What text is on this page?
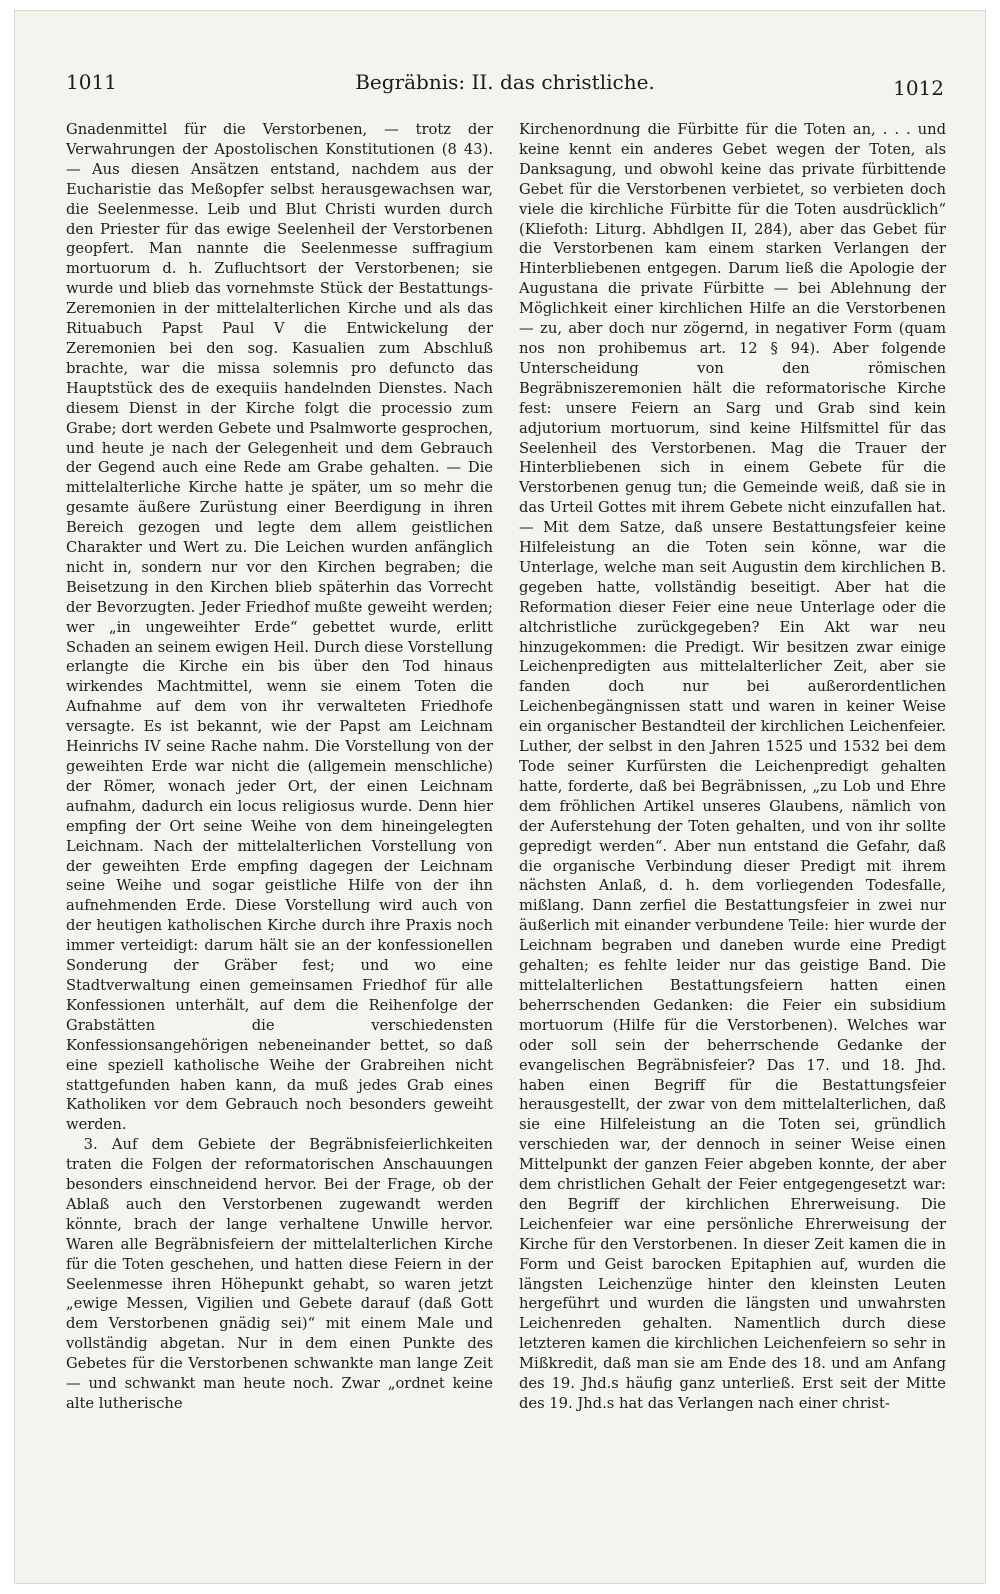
1011	Begräbnis: II. das christliche.	1012

Gnadenmittel für die Verstorbenen, — trotz der Verwahrungen der Apostolischen Konstitutionen (8 43). — Aus diesen Ansätzen entstand, nachdem aus der Eucharistie das Meßopfer selbst herausgewachsen war, die Seelenmesse. Leib und Blut Christi wurden durch den Priester für das ewige Seelenheil der Verstorbenen geopfert. Man nannte die Seelenmesse suffragium mortuorum d. h. Zufluchtsort der Verstorbenen; sie wurde und blieb das vornehmste Stück der Bestattungs-Zeremonien in der mittelalterlichen Kirche und als das Rituabuch Papst Paul V die Entwickelung der Zeremonien bei den sog. Kasualien zum Abschluß brachte, war die missa solemnis pro defuncto das Hauptstück des de exequiis handelnden Dienstes. Nach diesem Dienst in der Kirche folgt die processio zum Grabe; dort werden Gebete und Psalmworte gesprochen, und heute je nach der Gelegenheit und dem Gebrauch der Gegend auch eine Rede am Grabe gehalten. — Die mittelalterliche Kirche hatte je später, um so mehr die gesamte äußere Zurüstung einer Beerdigung in ihren Bereich gezogen und legte dem allem geistlichen Charakter und Wert zu. Die Leichen wurden anfänglich nicht in, sondern nur vor den Kirchen begraben; die Beisetzung in den Kirchen blieb späterhin das Vorrecht der Bevorzugten. Jeder Friedhof mußte geweiht werden; wer „in ungeweihter Erde“ gebettet wurde, erlitt Schaden an seinem ewigen Heil. Durch diese Vorstellung erlangte die Kirche ein bis über den Tod hinaus wirkendes Machtmittel, wenn sie einem Toten die Aufnahme auf dem von ihr verwalteten Friedhofe versagte. Es ist bekannt, wie der Papst am Leichnam Heinrichs IV seine Rache nahm. Die Vorstellung von der geweihten Erde war nicht die (allgemein menschliche) der Römer, wonach jeder Ort, der einen Leichnam aufnahm, dadurch ein locus religiosus wurde. Denn hier empfing der Ort seine Weihe von dem hineingelegten Leichnam. Nach der mittelalterlichen Vorstellung von der geweihten Erde empfing dagegen der Leichnam seine Weihe und sogar geistliche Hilfe von der ihn aufnehmenden Erde. Diese Vorstellung wird auch von der heutigen katholischen Kirche durch ihre Praxis noch immer verteidigt: darum hält sie an der konfessionellen Sonderung der Gräber fest; und wo eine Stadtverwaltung einen gemeinsamen Friedhof für alle Konfessionen unterhält, auf dem die Reihenfolge der Grabstätten die verschiedensten Konfessionsangehörigen nebeneinander bettet, so daß eine speziell katholische Weihe der Grabreihen nicht stattgefunden haben kann, da muß jedes Grab eines Katholiken vor dem Gebrauch noch besonders geweiht werden.

3. Auf dem Gebiete der Begräbnisfeierlichkeiten traten die Folgen der reformatorischen Anschauungen besonders einschneidend hervor. Bei der Frage, ob der Ablaß auch den Verstorbenen zugewandt werden könnte, brach der lange verhaltene Unwille hervor. Waren alle Begräbnisfeiern der mittelalterlichen Kirche für die Toten geschehen, und hatten diese Feiern in der Seelenmesse ihren Höhepunkt gehabt, so waren jetzt „ewige Messen, Vigilien und Gebete darauf (daß Gott dem Verstorbenen gnädig sei)“ mit einem Male und vollständig abgetan. Nur in dem einen Punkte des Gebetes für die Verstorbenen schwankte man lange Zeit — und schwankt man heute noch. Zwar „ordnet keine alte lutherische

Kirchenordnung die Fürbitte für die Toten an, . . . und keine kennt ein anderes Gebet wegen der Toten, als Danksagung, und obwohl keine das private fürbittende Gebet für die Verstorbenen verbietet, so verbieten doch viele die kirchliche Fürbitte für die Toten ausdrücklich“ (Kliefoth: Liturg. Abhdlgen II, 284), aber das Gebet für die Verstorbenen kam einem starken Verlangen der Hinterbliebenen entgegen. Darum ließ die Apologie der Augustana die private Fürbitte — bei Ablehnung der Möglichkeit einer kirchlichen Hilfe an die Verstorbenen — zu, aber doch nur zögernd, in negativer Form (quam nos non prohibemus art. 12 § 94). Aber folgende Unterscheidung von den römischen Begräbniszeremonien hält die reformatorische Kirche fest: unsere Feiern an Sarg und Grab sind kein adjutorium mortuorum, sind keine Hilfsmittel für das Seelenheil des Verstorbenen. Mag die Trauer der Hinterbliebenen sich in einem Gebete für die Verstorbenen genug tun; die Gemeinde weiß, daß sie in das Urteil Gottes mit ihrem Gebete nicht einzufallen hat. — Mit dem Satze, daß unsere Bestattungsfeier keine Hilfeleistung an die Toten sein könne, war die Unterlage, welche man seit Augustin dem kirchlichen B. gegeben hatte, vollständig beseitigt. Aber hat die Reformation dieser Feier eine neue Unterlage oder die altchristliche zurückgegeben? Ein Akt war neu hinzugekommen: die Predigt. Wir besitzen zwar einige Leichenpredigten aus mittelalterlicher Zeit, aber sie fanden doch nur bei außerordentlichen Leichenbegängnissen statt und waren in keiner Weise ein organischer Bestandteil der kirchlichen Leichenfeier. Luther, der selbst in den Jahren 1525 und 1532 bei dem Tode seiner Kurfürsten die Leichenpredigt gehalten hatte, forderte, daß bei Begräbnissen, „zu Lob und Ehre dem fröhlichen Artikel unseres Glaubens, nämlich von der Auferstehung der Toten gehalten, und von ihr sollte gepredigt werden“. Aber nun entstand die Gefahr, daß die organische Verbindung dieser Predigt mit ihrem nächsten Anlaß, d. h. dem vorliegenden Todesfalle, mißlang. Dann zerfiel die Bestattungsfeier in zwei nur äußerlich mit einander verbundene Teile: hier wurde der Leichnam begraben und daneben wurde eine Predigt gehalten; es fehlte leider nur das geistige Band. Die mittelalterlichen Bestattungsfeiern hatten einen beherrschenden Gedanken: die Feier ein subsidium mortuorum (Hilfe für die Verstorbenen). Welches war oder soll sein der beherrschende Gedanke der evangelischen Begräbnisfeier? Das 17. und 18. Jhd. haben einen Begriff für die Bestattungsfeier herausgestellt, der zwar von dem mittelalterlichen, daß sie eine Hilfeleistung an die Toten sei, gründlich verschieden war, der dennoch in seiner Weise einen Mittelpunkt der ganzen Feier abgeben konnte, der aber dem christlichen Gehalt der Feier entgegengesetzt war: den Begriff der kirchlichen Ehrerweisung. Die Leichenfeier war eine persönliche Ehrerweisung der Kirche für den Verstorbenen. In dieser Zeit kamen die in Form und Geist barocken Epitaphien auf, wurden die längsten Leichenzüge hinter den kleinsten Leuten hergeführt und wurden die längsten und unwahrsten Leichenreden gehalten. Namentlich durch diese letzteren kamen die kirchlichen Leichenfeiern so sehr in Mißkredit, daß man sie am Ende des 18. und am Anfang des 19. Jhd.s häufig ganz unterließ. Erst seit der Mitte des 19. Jhd.s hat das Verlangen nach einer christ-
